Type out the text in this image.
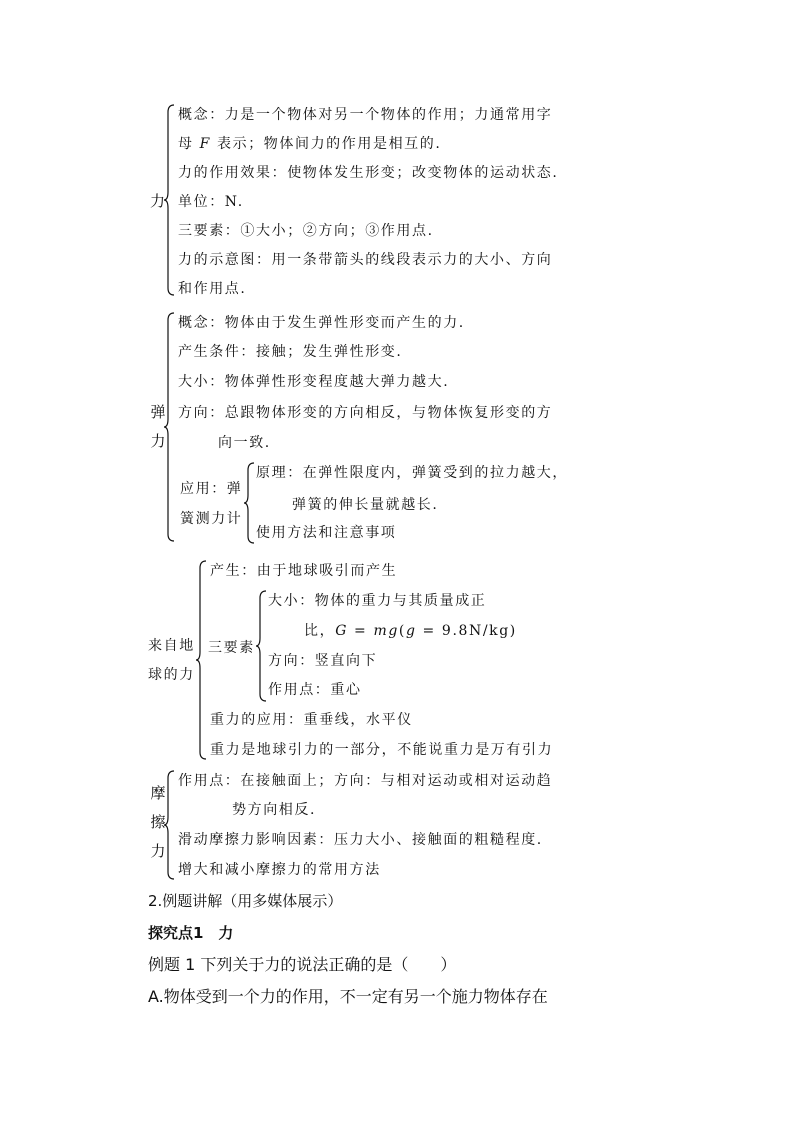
力
概念：力是一个物体对另一个物体的作用；力通常用字
母 F 表示；物体间力的作用是相互的.
力的作用效果：使物体发生形变；改变物体的运动状态.
单位：N.
三要素：①大小；②方向；③作用点.
力的示意图：用一条带箭头的线段表示力的大小、方向
和作用点.
弹力
概念：物体由于发生弹性形变而产生的力.
产生条件：接触；发生弹性形变.
大小：物体弹性形变程度越大弹力越大.
方向：总跟物体形变的方向相反，与物体恢复形变的方
向一致.
应用：弹
簧测力计
原理：在弹性限度内，弹簧受到的拉力越大，
弹簧的伸长量就越长.
使用方法和注意事项
来自地
球的力
产生：由于地球吸引而产生
三要素
大小：物体的重力与其质量成正
比，G = mg(g = 9.8N/kg)
方向：竖直向下
作用点：重心
重力的应用：重垂线，水平仪
重力是地球引力的一部分，不能说重力是万有引力
摩擦力
作用点：在接触面上；方向：与相对运动或相对运动趋
势方向相反.
滑动摩擦力影响因素：压力大小、接触面的粗糙程度.
增大和减小摩擦力的常用方法
2.例题讲解（用多媒体展示）
探究点1　力
例题 1 下列关于力的说法正确的是（　　）
A.物体受到一个力的作用，不一定有另一个施力物体存在
